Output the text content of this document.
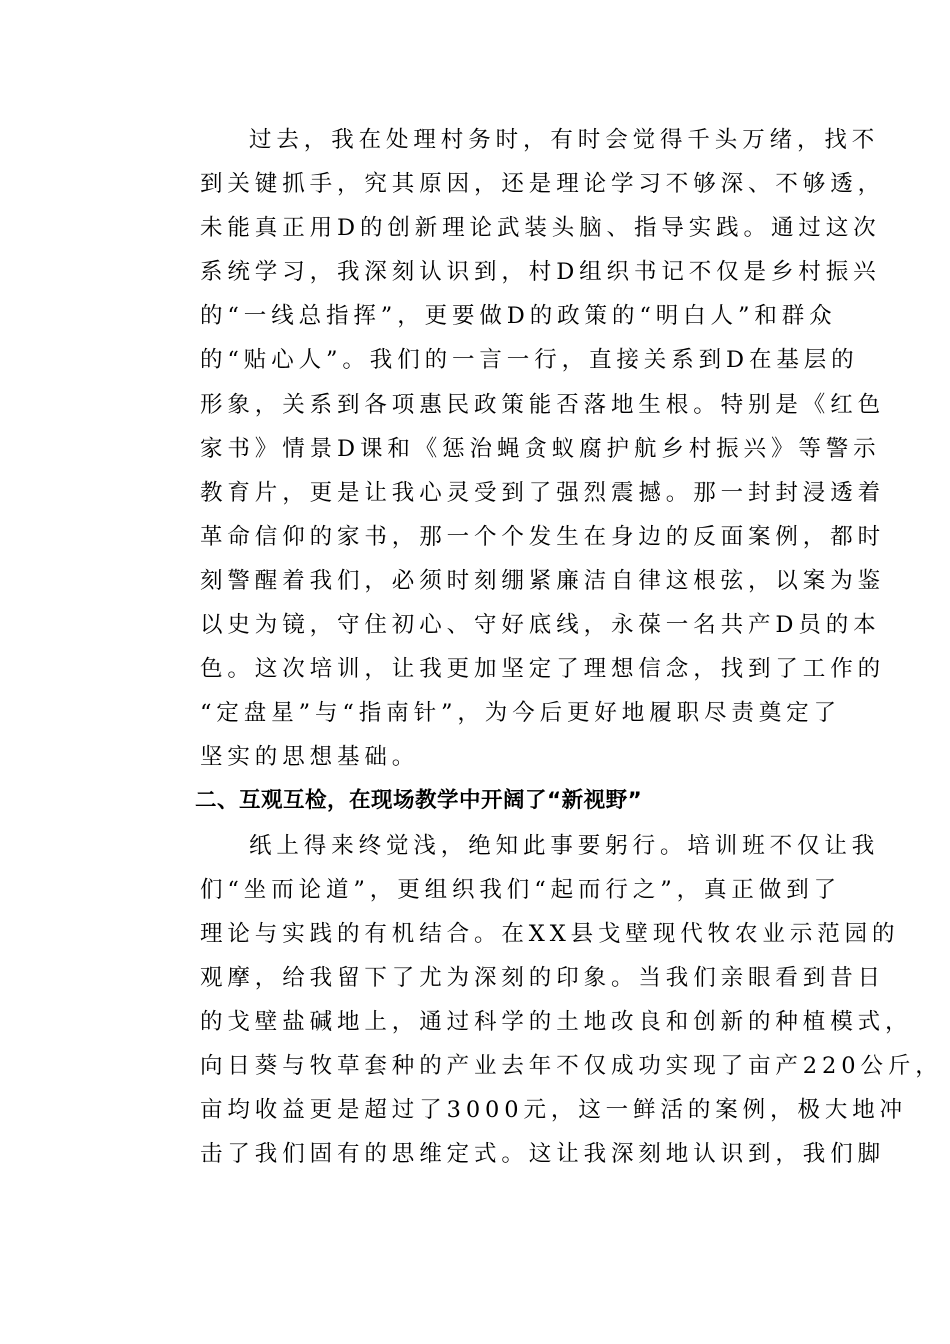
过去，我在处理村务时，有时会觉得千头万绪，找不
到关键抓手，究其原因，还是理论学习不够深、不够透，
未能真正用D的创新理论武装头脑、指导实践。通过这次
系统学习，我深刻认识到，村D组织书记不仅是乡村振兴
的“一线总指挥”，更要做D的政策的“明白人”和群众
的“贴心人”。我们的一言一行，直接关系到D在基层的
形象，关系到各项惠民政策能否落地生根。特别是《红色
家书》情景D课和《惩治蝇贪蚁腐护航乡村振兴》等警示
教育片，更是让我心灵受到了强烈震撼。那一封封浸透着
革命信仰的家书，那一个个发生在身边的反面案例，都时
刻警醒着我们，必须时刻绷紧廉洁自律这根弦，以案为鉴
以史为镜，守住初心、守好底线，永葆一名共产D员的本
色。这次培训，让我更加坚定了理想信念，找到了工作的
“定盘星”与“指南针”，为今后更好地履职尽责奠定了
坚实的思想基础。
二、互观互检，在现场教学中开阔了“新视野”
纸上得来终觉浅，绝知此事要躬行。培训班不仅让我
们“坐而论道”，更组织我们“起而行之”，真正做到了
理论与实践的有机结合。在XX县戈壁现代牧农业示范园的
观摩，给我留下了尤为深刻的印象。当我们亲眼看到昔日
的戈壁盐碱地上，通过科学的土地改良和创新的种植模式，
向日葵与牧草套种的产业去年不仅成功实现了亩产220公斤，
亩均收益更是超过了3000元，这一鲜活的案例，极大地冲
击了我们固有的思维定式。这让我深刻地认识到，我们脚
